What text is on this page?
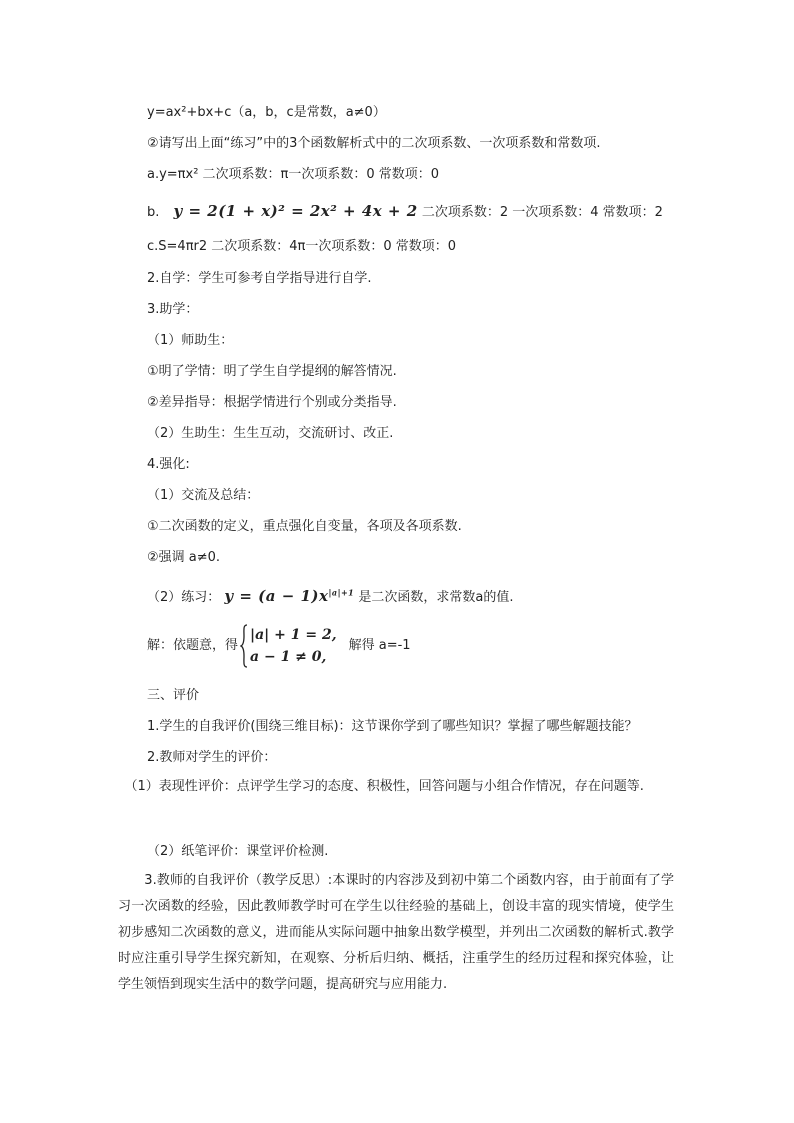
y=ax²+bx+c（a，b，c是常数，a≠0）
②请写出上面“练习”中的3个函数解析式中的二次项系数、一次项系数和常数项.
a.y=πx² 二次项系数：π一次项系数：0 常数项：0
b. y = 2(1 + x)² = 2x² + 4x + 2 二次项系数：2 一次项系数：4 常数项：2
c.S=4πr2 二次项系数：4π一次项系数：0 常数项：0
2.自学：学生可参考自学指导进行自学.
3.助学：
（1）师助生：
①明了学情：明了学生自学提纲的解答情况.
②差异指导：根据学情进行个别或分类指导.
（2）生助生：生生互动，交流研讨、改正.
4.强化:
（1）交流及总结：
①二次函数的定义，重点强化自变量，各项及各项系数.
②强调 a≠0.
（2）练习： $y = (a - 1)x^{|a|+1}$ 是二次函数，求常数a的值.
解：依题意，得
|a| + 1 = 2,
a − 1 ≠ 0,
解得 a=-1
三、评价
1.学生的自我评价(围绕三维目标)：这节课你学到了哪些知识？掌握了哪些解题技能？
2.教师对学生的评价：
　（1）表现性评价：点评学生学习的态度、积极性，回答问题与小组合作情况，存在问题等.
（2）纸笔评价：课堂评价检测.
　　3.教师的自我评价（教学反思）:本课时的内容涉及到初中第二个函数内容，由于前面有了学习一次函数的经验，因此教师教学时可在学生以往经验的基础上，创设丰富的现实情境，使学生初步感知二次函数的意义，进而能从实际问题中抽象出数学模型，并列出二次函数的解析式.教学时应注重引导学生探究新知，在观察、分析后归纳、概括，注重学生的经历过程和探究体验，让学生领悟到现实生活中的数学问题，提高研究与应用能力.
